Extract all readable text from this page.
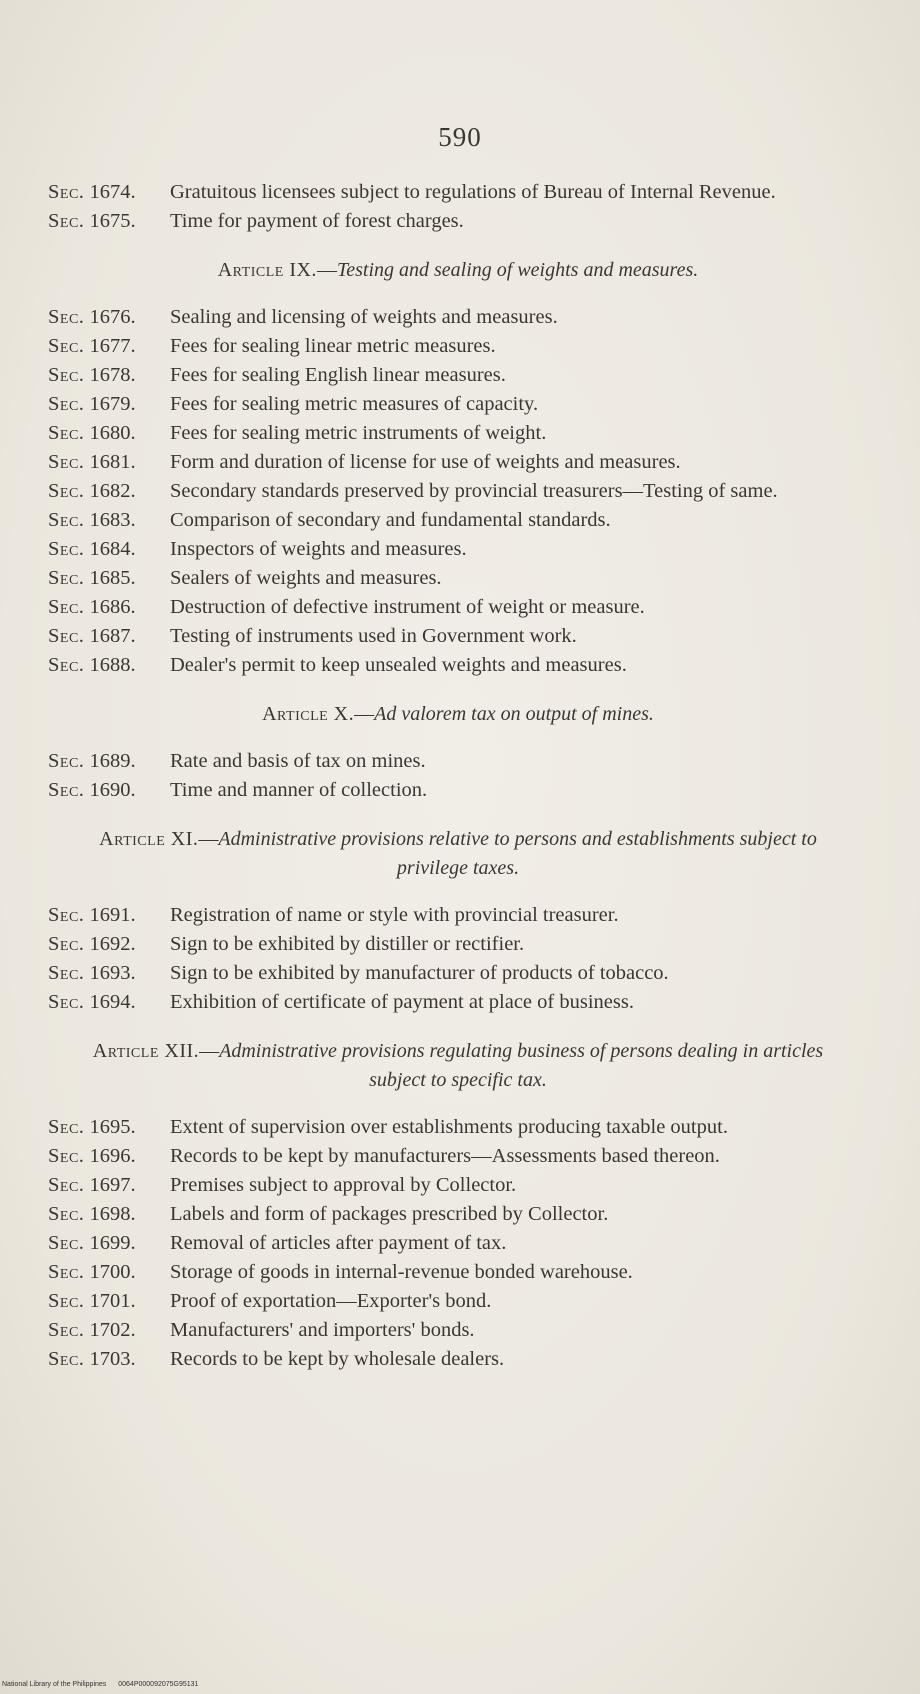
590
Sec. 1674.	Gratuitous licensees subject to regulations of Bureau of Internal Revenue.
Sec. 1675.	Time for payment of forest charges.
Article IX.—Testing and sealing of weights and measures.
Sec. 1676.	Sealing and licensing of weights and measures.
Sec. 1677.	Fees for sealing linear metric measures.
Sec. 1678.	Fees for sealing English linear measures.
Sec. 1679.	Fees for sealing metric measures of capacity.
Sec. 1680.	Fees for sealing metric instruments of weight.
Sec. 1681.	Form and duration of license for use of weights and measures.
Sec. 1682.	Secondary standards preserved by provincial treasurers—Testing of same.
Sec. 1683.	Comparison of secondary and fundamental standards.
Sec. 1684.	Inspectors of weights and measures.
Sec. 1685.	Sealers of weights and measures.
Sec. 1686.	Destruction of defective instrument of weight or measure.
Sec. 1687.	Testing of instruments used in Government work.
Sec. 1688.	Dealer's permit to keep unsealed weights and measures.
Article X.—Ad valorem tax on output of mines.
Sec. 1689.	Rate and basis of tax on mines.
Sec. 1690.	Time and manner of collection.
Article XI.—Administrative provisions relative to persons and establishments subject to privilege taxes.
Sec. 1691.	Registration of name or style with provincial treasurer.
Sec. 1692.	Sign to be exhibited by distiller or rectifier.
Sec. 1693.	Sign to be exhibited by manufacturer of products of tobacco.
Sec. 1694.	Exhibition of certificate of payment at place of business.
Article XII.—Administrative provisions regulating business of persons dealing in articles subject to specific tax.
Sec. 1695.	Extent of supervision over establishments producing taxable output.
Sec. 1696.	Records to be kept by manufacturers—Assessments based thereon.
Sec. 1697.	Premises subject to approval by Collector.
Sec. 1698.	Labels and form of packages prescribed by Collector.
Sec. 1699.	Removal of articles after payment of tax.
Sec. 1700.	Storage of goods in internal-revenue bonded warehouse.
Sec. 1701.	Proof of exportation—Exporter's bond.
Sec. 1702.	Manufacturers' and importers' bonds.
Sec. 1703.	Records to be kept by wholesale dealers.
National Library of the Philippines 0064P000092075G95131
